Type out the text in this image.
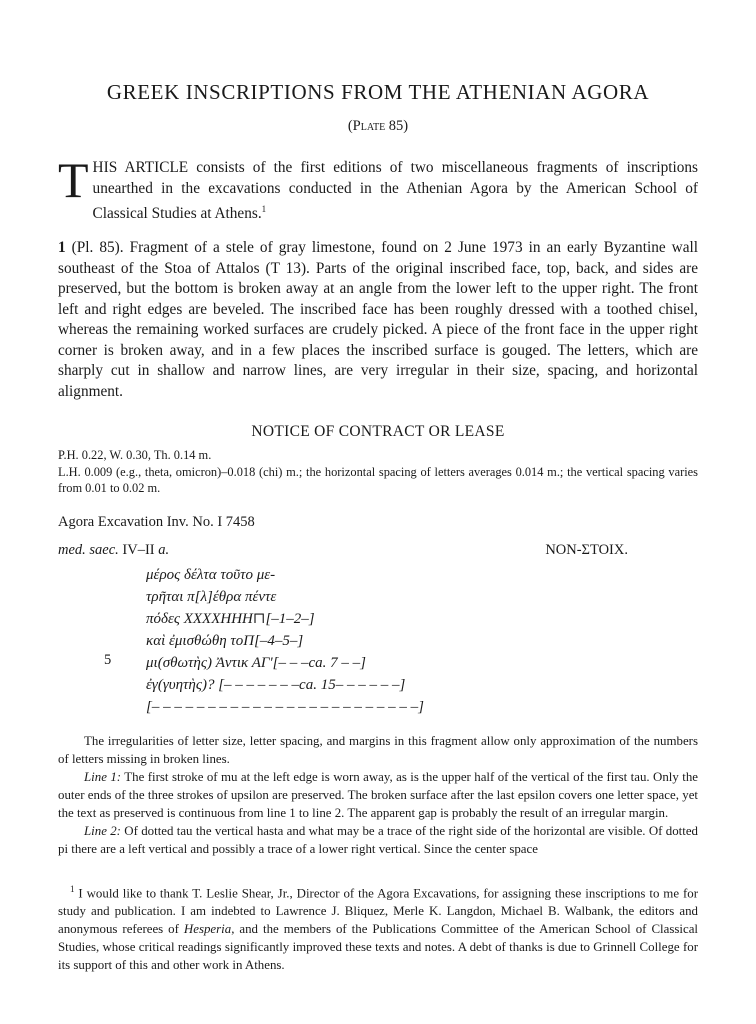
GREEK INSCRIPTIONS FROM THE ATHENIAN AGORA
(Plate 85)

THIS ARTICLE consists of the first editions of two miscellaneous fragments of inscriptions unearthed in the excavations conducted in the Athenian Agora by the American School of Classical Studies at Athens.$^1$

1 (Pl. 85). Fragment of a stele of gray limestone, found on 2 June 1973 in an early Byzantine wall southeast of the Stoa of Attalos (T 13). Parts of the original inscribed face, top, back, and sides are preserved, but the bottom is broken away at an angle from the lower left to the upper right. The front left and right edges are beveled. The inscribed face has been roughly dressed with a toothed chisel, whereas the remaining worked surfaces are crudely picked. A piece of the front face in the upper right corner is broken away, and in a few places the inscribed surface is gouged. The letters, which are sharply cut in shallow and narrow lines, are very irregular in their size, spacing, and horizontal alignment.

NOTICE OF CONTRACT OR LEASE

P.H. 0.22, W. 0.30, Th. 0.14 m.

L.H. 0.009 (e.g., theta, omicron)–0.018 (chi) m.; the horizontal spacing of letters averages 0.014 m.; the vertical spacing varies from 0.01 to 0.02 m.

Agora Excavation Inv. No. I 7458
med. saec. IV–II a.	NON-ΣΤΟΙΧ.
5
μέρος δέλτα τοῦτο με-
τρῆται π[λ]έθρα πέντε
πόδες ΧΧΧΧΗΗΗ⊓[–1–2–]
καὶ ἐμισθώθη τοΠ[–4–5–]
μι(σθωτὴς) Ἀντικ ΑΓ'[– – –ca. 7 – –]
ἐγ(γυητὴς)? [– – – – – – –ca. 15– – – – – –]
[– – – – – – – – – – – – – – – – – – – – – – – –]

The irregularities of letter size, letter spacing, and margins in this fragment allow only approximation of the numbers of letters missing in broken lines.

Line 1: The first stroke of mu at the left edge is worn away, as is the upper half of the vertical of the first tau. Only the outer ends of the three strokes of upsilon are preserved. The broken surface after the last epsilon covers one letter space, yet the text as preserved is continuous from line 1 to line 2. The apparent gap is probably the result of an irregular margin.

Line 2: Of dotted tau the vertical hasta and what may be a trace of the right side of the horizontal are visible. Of dotted pi there are a left vertical and possibly a trace of a lower right vertical. Since the center space

$^1$ I would like to thank T. Leslie Shear, Jr., Director of the Agora Excavations, for assigning these inscriptions to me for study and publication. I am indebted to Lawrence J. Bliquez, Merle K. Langdon, Michael B. Walbank, the editors and anonymous referees of Hesperia, and the members of the Publications Committee of the American School of Classical Studies, whose critical readings significantly improved these texts and notes. A debt of thanks is due to Grinnell College for its support of this and other work in Athens.
